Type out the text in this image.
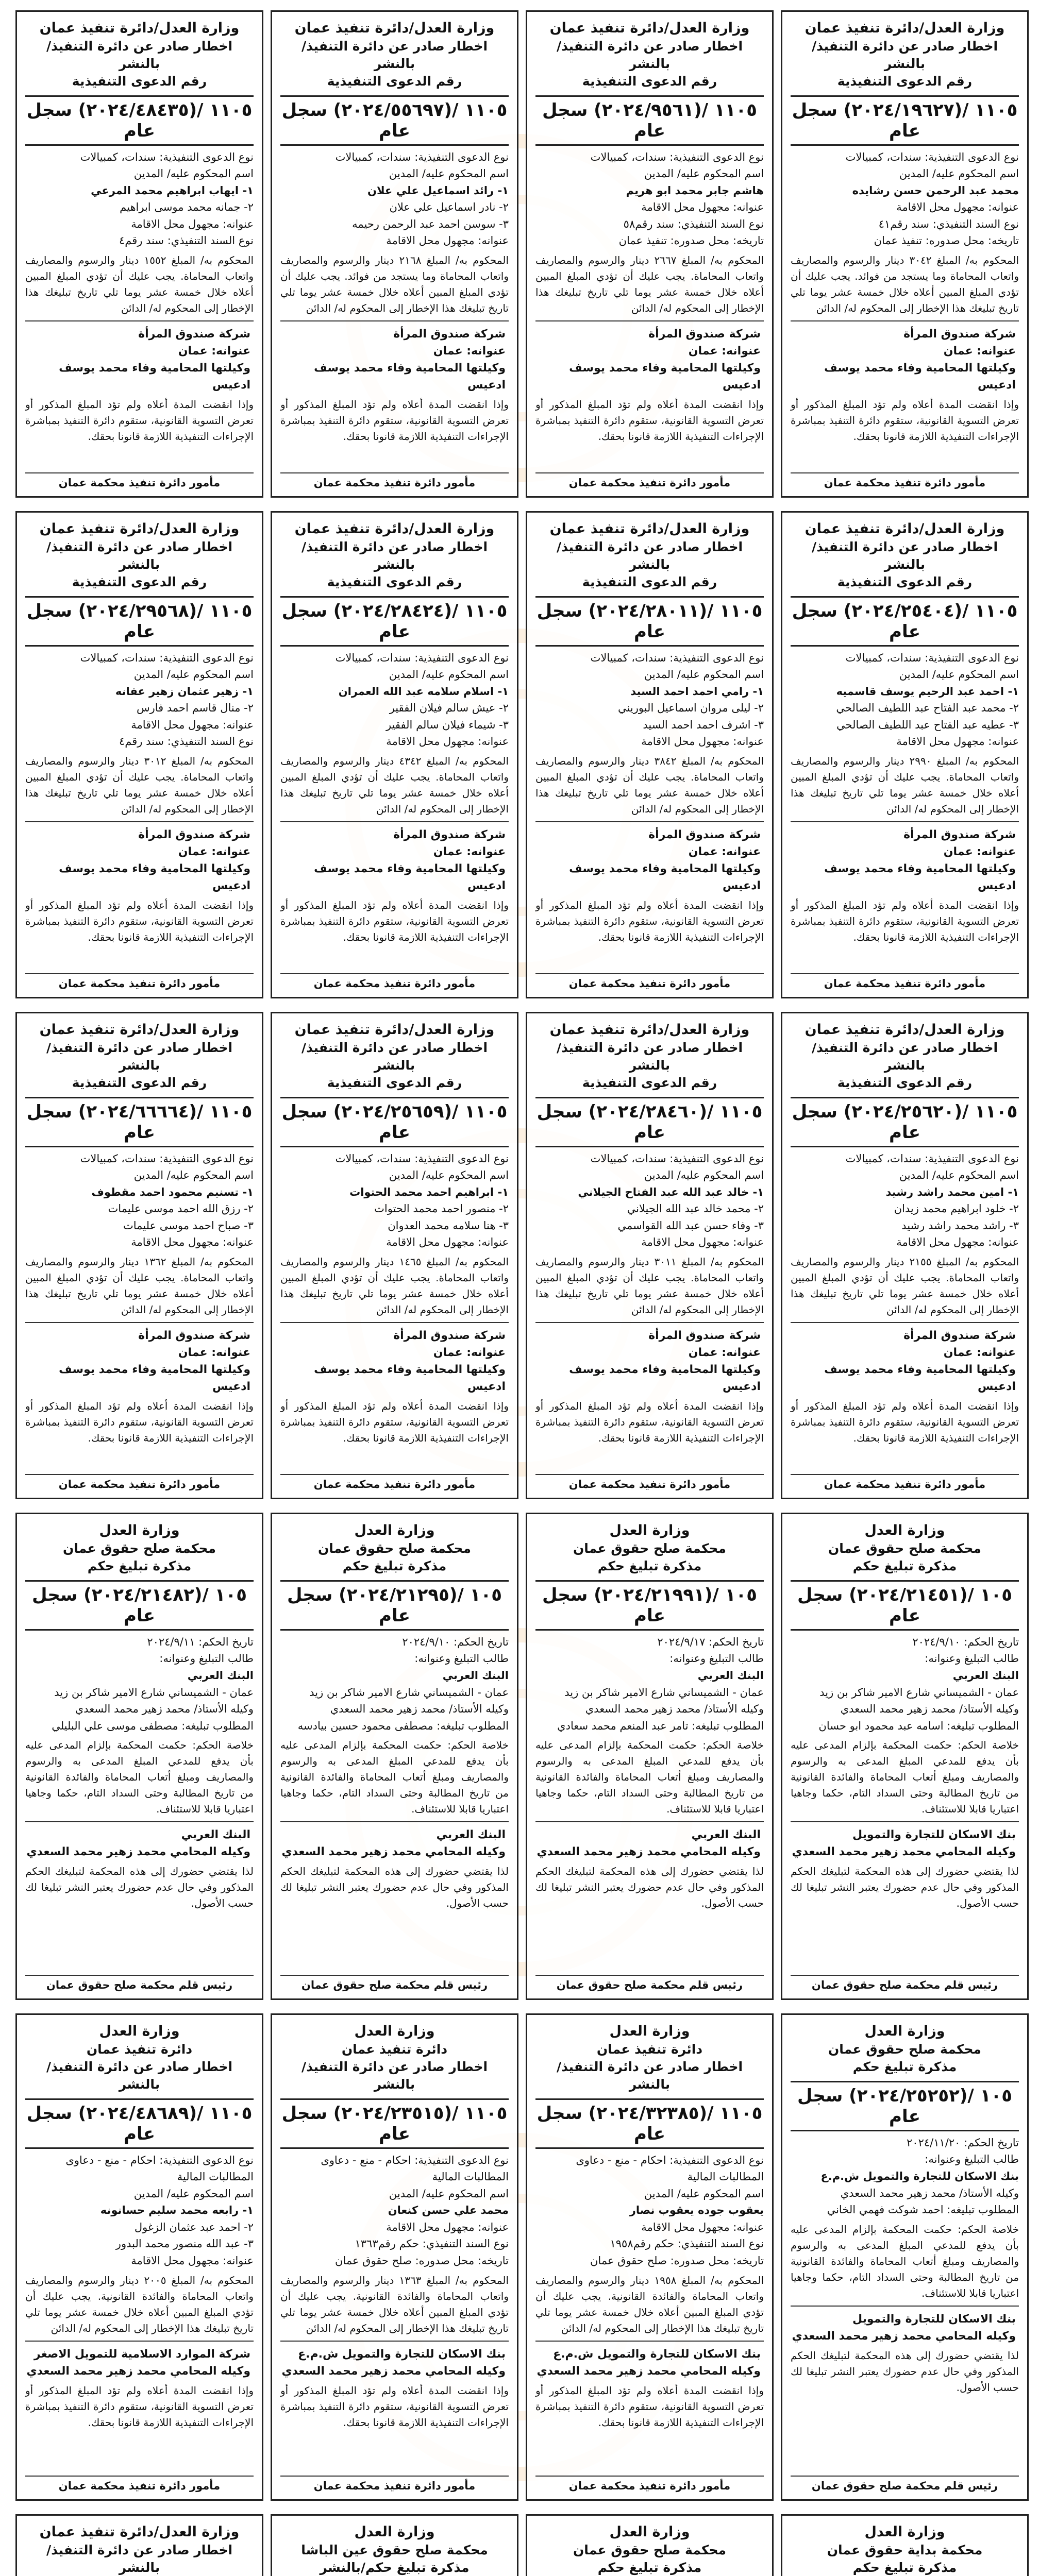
وزارة العدل/دائرة تنفيذ عمان
اخطار صادر عن دائرة التنفيذ/ بالنشر
رقم الدعوى التنفيذية
١١٠٥ /(٢٠٢٤/١٩٦٢٧) سجل عام
نوع الدعوى التنفيذية: سندات، كمبيالات
اسم المحكوم عليه/ المدين
محمد عبد الرحمن حسن رشايده
عنوانه: مجهول محل الاقامة
نوع السند التنفيذي: سند رقم٤١
تاريخه: محل صدوره: تنفيذ عمان
المحكوم به/ المبلغ ٣٠٤٢ دينار والرسوم والمصاريف واتعاب المحاماة وما يستجد من فوائد. يجب عليك أن تؤدي المبلغ المبين أعلاه خلال خمسة عشر يوما تلي تاريخ تبليغك هذا الإخطار إلى المحكوم له/ الدائن
شركة صندوق المرأة
عنوانه: عمان
وكيلتها المحامية وفاء محمد يوسف ادعيس
وإذا انقضت المدة أعلاه ولم تؤد المبلغ المذكور أو تعرض التسوية القانونية، ستقوم دائرة التنفيذ بمباشرة الإجراءات التنفيذية اللازمة قانونا بحقك.
مأمور دائرة تنفيذ محكمة عمان
وزارة العدل/دائرة تنفيذ عمان
اخطار صادر عن دائرة التنفيذ/ بالنشر
رقم الدعوى التنفيذية
١١٠٥ /(٢٠٢٤/٩٥٦١) سجل عام
نوع الدعوى التنفيذية: سندات، كمبيالات
اسم المحكوم عليه/ المدين
هاشم جابر محمد ابو هريم
عنوانه: مجهول محل الاقامة
نوع السند التنفيذي: سند رقم٥٨
تاريخه: محل صدوره: تنفيذ عمان
المحكوم به/ المبلغ ٢٦٦٧ دينار والرسوم والمصاريف واتعاب المحاماة. يجب عليك أن تؤدي المبلغ المبين أعلاه خلال خمسة عشر يوما تلي تاريخ تبليغك هذا الإخطار إلى المحكوم له/ الدائن
شركة صندوق المرأة
عنوانه: عمان
وكيلتها المحامية وفاء محمد يوسف ادعيس
وإذا انقضت المدة أعلاه ولم تؤد المبلغ المذكور أو تعرض التسوية القانونية، ستقوم دائرة التنفيذ بمباشرة الإجراءات التنفيذية اللازمة قانونا بحقك.
مأمور دائرة تنفيذ محكمة عمان
وزارة العدل/دائرة تنفيذ عمان
اخطار صادر عن دائرة التنفيذ/ بالنشر
رقم الدعوى التنفيذية
١١٠٥ /(٢٠٢٤/٥٥٦٩٧) سجل عام
نوع الدعوى التنفيذية: سندات، كمبيالات
اسم المحكوم عليه/ المدين
١- رائد اسماعيل علي علان
٢- نادر اسماعيل علي علان
٣- سوسن احمد عبد الرحمن رحيمه
عنوانه: مجهول محل الاقامة
المحكوم به/ المبلغ ٢١٦٨ دينار والرسوم والمصاريف واتعاب المحاماة وما يستجد من فوائد. يجب عليك أن تؤدي المبلغ المبين أعلاه خلال خمسة عشر يوما تلي تاريخ تبليغك هذا الإخطار إلى المحكوم له/ الدائن
شركة صندوق المرأة
عنوانه: عمان
وكيلتها المحامية وفاء محمد يوسف ادعيس
وإذا انقضت المدة أعلاه ولم تؤد المبلغ المذكور أو تعرض التسوية القانونية، ستقوم دائرة التنفيذ بمباشرة الإجراءات التنفيذية اللازمة قانونا بحقك.
مأمور دائرة تنفيذ محكمة عمان
وزارة العدل/دائرة تنفيذ عمان
اخطار صادر عن دائرة التنفيذ/ بالنشر
رقم الدعوى التنفيذية
١١٠٥ /(٢٠٢٤/٤٨٤٣٥) سجل عام
نوع الدعوى التنفيذية: سندات، كمبيالات
اسم المحكوم عليه/ المدين
١- ايهاب ابراهيم محمد المرعي
٢- جمانه محمد موسى ابراهيم
عنوانه: مجهول محل الاقامة
نوع السند التنفيذي: سند رقم٤
المحكوم به/ المبلغ ١٥٥٢ دينار والرسوم والمصاريف واتعاب المحاماة. يجب عليك أن تؤدي المبلغ المبين أعلاه خلال خمسة عشر يوما تلي تاريخ تبليغك هذا الإخطار إلى المحكوم له/ الدائن
شركة صندوق المرأة
عنوانه: عمان
وكيلتها المحامية وفاء محمد يوسف ادعيس
وإذا انقضت المدة أعلاه ولم تؤد المبلغ المذكور أو تعرض التسوية القانونية، ستقوم دائرة التنفيذ بمباشرة الإجراءات التنفيذية اللازمة قانونا بحقك.
مأمور دائرة تنفيذ محكمة عمان
وزارة العدل/دائرة تنفيذ عمان
اخطار صادر عن دائرة التنفيذ/ بالنشر
رقم الدعوى التنفيذية
١١٠٥ /(٢٠٢٤/٢٥٤٠٤) سجل عام
نوع الدعوى التنفيذية: سندات، كمبيالات
اسم المحكوم عليه/ المدين
١- احمد عبد الرحيم يوسف قاسميه
٢- محمد عبد الفتاح عبد اللطيف الصالحي
٣- عطيه عبد الفتاح عبد اللطيف الصالحي
عنوانه: مجهول محل الاقامة
المحكوم به/ المبلغ ٢٩٩٠ دينار والرسوم والمصاريف واتعاب المحاماة. يجب عليك أن تؤدي المبلغ المبين أعلاه خلال خمسة عشر يوما تلي تاريخ تبليغك هذا الإخطار إلى المحكوم له/ الدائن
شركة صندوق المرأة
عنوانه: عمان
وكيلتها المحامية وفاء محمد يوسف ادعيس
وإذا انقضت المدة أعلاه ولم تؤد المبلغ المذكور أو تعرض التسوية القانونية، ستقوم دائرة التنفيذ بمباشرة الإجراءات التنفيذية اللازمة قانونا بحقك.
مأمور دائرة تنفيذ محكمة عمان
وزارة العدل/دائرة تنفيذ عمان
اخطار صادر عن دائرة التنفيذ/ بالنشر
رقم الدعوى التنفيذية
١١٠٥ /(٢٠٢٤/٢٨٠١١) سجل عام
نوع الدعوى التنفيذية: سندات، كمبيالات
اسم المحكوم عليه/ المدين
١- رامي احمد احمد السيد
٢- ليلى مروان اسماعيل البوريني
٣- اشرف احمد احمد السيد
عنوانه: مجهول محل الاقامة
المحكوم به/ المبلغ ٣٨٤٢ دينار والرسوم والمصاريف واتعاب المحاماة. يجب عليك أن تؤدي المبلغ المبين أعلاه خلال خمسة عشر يوما تلي تاريخ تبليغك هذا الإخطار إلى المحكوم له/ الدائن
شركة صندوق المرأة
عنوانه: عمان
وكيلتها المحامية وفاء محمد يوسف ادعيس
وإذا انقضت المدة أعلاه ولم تؤد المبلغ المذكور أو تعرض التسوية القانونية، ستقوم دائرة التنفيذ بمباشرة الإجراءات التنفيذية اللازمة قانونا بحقك.
مأمور دائرة تنفيذ محكمة عمان
وزارة العدل/دائرة تنفيذ عمان
اخطار صادر عن دائرة التنفيذ/ بالنشر
رقم الدعوى التنفيذية
١١٠٥ /(٢٠٢٤/٢٨٤٢٤) سجل عام
نوع الدعوى التنفيذية: سندات، كمبيالات
اسم المحكوم عليه/ المدين
١- اسلام سلامه عبد الله العمران
٢- عيش سالم فيلان الفقير
٣- شيماء فيلان سالم الفقير
عنوانه: مجهول محل الاقامة
المحكوم به/ المبلغ ٤٣٤٢ دينار والرسوم والمصاريف واتعاب المحاماة. يجب عليك أن تؤدي المبلغ المبين أعلاه خلال خمسة عشر يوما تلي تاريخ تبليغك هذا الإخطار إلى المحكوم له/ الدائن
شركة صندوق المرأة
عنوانه: عمان
وكيلتها المحامية وفاء محمد يوسف ادعيس
وإذا انقضت المدة أعلاه ولم تؤد المبلغ المذكور أو تعرض التسوية القانونية، ستقوم دائرة التنفيذ بمباشرة الإجراءات التنفيذية اللازمة قانونا بحقك.
مأمور دائرة تنفيذ محكمة عمان
وزارة العدل/دائرة تنفيذ عمان
اخطار صادر عن دائرة التنفيذ/ بالنشر
رقم الدعوى التنفيذية
١١٠٥ /(٢٠٢٤/٢٩٥٦٨) سجل عام
نوع الدعوى التنفيذية: سندات، كمبيالات
اسم المحكوم عليه/ المدين
١- زهير عثمان زهير عفانه
٢- منال قاسم احمد فارس
عنوانه: مجهول محل الاقامة
نوع السند التنفيذي: سند رقم٤
المحكوم به/ المبلغ ٣٠١٢ دينار والرسوم والمصاريف واتعاب المحاماة. يجب عليك أن تؤدي المبلغ المبين أعلاه خلال خمسة عشر يوما تلي تاريخ تبليغك هذا الإخطار إلى المحكوم له/ الدائن
شركة صندوق المرأة
عنوانه: عمان
وكيلتها المحامية وفاء محمد يوسف ادعيس
وإذا انقضت المدة أعلاه ولم تؤد المبلغ المذكور أو تعرض التسوية القانونية، ستقوم دائرة التنفيذ بمباشرة الإجراءات التنفيذية اللازمة قانونا بحقك.
مأمور دائرة تنفيذ محكمة عمان
وزارة العدل/دائرة تنفيذ عمان
اخطار صادر عن دائرة التنفيذ/ بالنشر
رقم الدعوى التنفيذية
١١٠٥ /(٢٠٢٤/٢٥٦٢٠) سجل عام
نوع الدعوى التنفيذية: سندات، كمبيالات
اسم المحكوم عليه/ المدين
١- امين محمد راشد رشيد
٢- خلود ابراهيم محمد زيدان
٣- راشد محمد راشد رشيد
عنوانه: مجهول محل الاقامة
المحكوم به/ المبلغ ٢١٥٥ دينار والرسوم والمصاريف واتعاب المحاماة. يجب عليك أن تؤدي المبلغ المبين أعلاه خلال خمسة عشر يوما تلي تاريخ تبليغك هذا الإخطار إلى المحكوم له/ الدائن
شركة صندوق المرأة
عنوانه: عمان
وكيلتها المحامية وفاء محمد يوسف ادعيس
وإذا انقضت المدة أعلاه ولم تؤد المبلغ المذكور أو تعرض التسوية القانونية، ستقوم دائرة التنفيذ بمباشرة الإجراءات التنفيذية اللازمة قانونا بحقك.
مأمور دائرة تنفيذ محكمة عمان
وزارة العدل/دائرة تنفيذ عمان
اخطار صادر عن دائرة التنفيذ/ بالنشر
رقم الدعوى التنفيذية
١١٠٥ /(٢٠٢٤/٢٨٤٦٠) سجل عام
نوع الدعوى التنفيذية: سندات، كمبيالات
اسم المحكوم عليه/ المدين
١- خالد عبد الله عبد الفتاح الجيلاني
٢- محمد خالد عبد الله الجيلاني
٣- وفاء حسن عبد الله القواسمي
عنوانه: مجهول محل الاقامة
المحكوم به/ المبلغ ٣٠١١ دينار والرسوم والمصاريف واتعاب المحاماة. يجب عليك أن تؤدي المبلغ المبين أعلاه خلال خمسة عشر يوما تلي تاريخ تبليغك هذا الإخطار إلى المحكوم له/ الدائن
شركة صندوق المرأة
عنوانه: عمان
وكيلتها المحامية وفاء محمد يوسف ادعيس
وإذا انقضت المدة أعلاه ولم تؤد المبلغ المذكور أو تعرض التسوية القانونية، ستقوم دائرة التنفيذ بمباشرة الإجراءات التنفيذية اللازمة قانونا بحقك.
مأمور دائرة تنفيذ محكمة عمان
وزارة العدل/دائرة تنفيذ عمان
اخطار صادر عن دائرة التنفيذ/ بالنشر
رقم الدعوى التنفيذية
١١٠٥ /(٢٠٢٤/٢٥٦٥٩) سجل عام
نوع الدعوى التنفيذية: سندات، كمبيالات
اسم المحكوم عليه/ المدين
١- ابراهيم احمد محمد الحتوات
٢- منصور احمد محمد الحتوات
٣- هنا سلامه محمد العدوان
عنوانه: مجهول محل الاقامة
المحكوم به/ المبلغ ١٤٦٥ دينار والرسوم والمصاريف واتعاب المحاماة. يجب عليك أن تؤدي المبلغ المبين أعلاه خلال خمسة عشر يوما تلي تاريخ تبليغك هذا الإخطار إلى المحكوم له/ الدائن
شركة صندوق المرأة
عنوانه: عمان
وكيلتها المحامية وفاء محمد يوسف ادعيس
وإذا انقضت المدة أعلاه ولم تؤد المبلغ المذكور أو تعرض التسوية القانونية، ستقوم دائرة التنفيذ بمباشرة الإجراءات التنفيذية اللازمة قانونا بحقك.
مأمور دائرة تنفيذ محكمة عمان
وزارة العدل/دائرة تنفيذ عمان
اخطار صادر عن دائرة التنفيذ/ بالنشر
رقم الدعوى التنفيذية
١١٠٥ /(٢٠٢٤/٦٦٦٦٤) سجل عام
نوع الدعوى التنفيذية: سندات، كمبيالات
اسم المحكوم عليه/ المدين
١- تسنيم محمود احمد مقطوف
٢- رزق الله احمد موسى عليمات
٣- صباح احمد موسى عليمات
عنوانه: مجهول محل الاقامة
المحكوم به/ المبلغ ١٣٦٢ دينار والرسوم والمصاريف واتعاب المحاماة. يجب عليك أن تؤدي المبلغ المبين أعلاه خلال خمسة عشر يوما تلي تاريخ تبليغك هذا الإخطار إلى المحكوم له/ الدائن
شركة صندوق المرأة
عنوانه: عمان
وكيلتها المحامية وفاء محمد يوسف ادعيس
وإذا انقضت المدة أعلاه ولم تؤد المبلغ المذكور أو تعرض التسوية القانونية، ستقوم دائرة التنفيذ بمباشرة الإجراءات التنفيذية اللازمة قانونا بحقك.
مأمور دائرة تنفيذ محكمة عمان
وزارة العدل
محكمة صلح حقوق عمان
مذكرة تبليغ حكم
١٠٥ /(٢٠٢٤/٢١٤٥١) سجل عام
تاريخ الحكم: ٢٠٢٤/٩/١٠
طالب التبليغ وعنوانه:
البنك العربي
عمان - الشميساني شارع الامير شاكر بن زيد
وكيله الأستاذ/ محمد زهير محمد السعدي
المطلوب تبليغه: اسامه عبد محمود ابو حسان
خلاصة الحكم: حكمت المحكمة بإلزام المدعى عليه بأن يدفع للمدعي المبلغ المدعى به والرسوم والمصاريف ومبلغ أتعاب المحاماة والفائدة القانونية من تاريخ المطالبة وحتى السداد التام، حكما وجاهيا اعتباريا قابلا للاستئناف.
بنك الاسكان للتجارة والتمويل
وكيله المحامي محمد زهير محمد السعدي
لذا يقتضي حضورك إلى هذه المحكمة لتبليغك الحكم المذكور وفي حال عدم حضورك يعتبر النشر تبليغا لك حسب الأصول.
رئيس قلم محكمة صلح حقوق عمان
وزارة العدل
محكمة صلح حقوق عمان
مذكرة تبليغ حكم
١٠٥ /(٢٠٢٤/٢١٩٩١) سجل عام
تاريخ الحكم: ٢٠٢٤/٩/١٧
طالب التبليغ وعنوانه:
البنك العربي
عمان - الشميساني شارع الامير شاكر بن زيد
وكيله الأستاذ/ محمد زهير محمد السعدي
المطلوب تبليغه: تامر عبد المنعم محمد سعادي
خلاصة الحكم: حكمت المحكمة بإلزام المدعى عليه بأن يدفع للمدعي المبلغ المدعى به والرسوم والمصاريف ومبلغ أتعاب المحاماة والفائدة القانونية من تاريخ المطالبة وحتى السداد التام، حكما وجاهيا اعتباريا قابلا للاستئناف.
البنك العربي
وكيله المحامي محمد زهير محمد السعدي
لذا يقتضي حضورك إلى هذه المحكمة لتبليغك الحكم المذكور وفي حال عدم حضورك يعتبر النشر تبليغا لك حسب الأصول.
رئيس قلم محكمة صلح حقوق عمان
وزارة العدل
محكمة صلح حقوق عمان
مذكرة تبليغ حكم
١٠٥ /(٢٠٢٤/٢١٢٩٥) سجل عام
تاريخ الحكم: ٢٠٢٤/٩/١٠
طالب التبليغ وعنوانه:
البنك العربي
عمان - الشميساني شارع الامير شاكر بن زيد
وكيله الأستاذ/ محمد زهير محمد السعدي
المطلوب تبليغه: مصطفى محمود حسين بيادسه
خلاصة الحكم: حكمت المحكمة بإلزام المدعى عليه بأن يدفع للمدعي المبلغ المدعى به والرسوم والمصاريف ومبلغ أتعاب المحاماة والفائدة القانونية من تاريخ المطالبة وحتى السداد التام، حكما وجاهيا اعتباريا قابلا للاستئناف.
البنك العربي
وكيله المحامي محمد زهير محمد السعدي
لذا يقتضي حضورك إلى هذه المحكمة لتبليغك الحكم المذكور وفي حال عدم حضورك يعتبر النشر تبليغا لك حسب الأصول.
رئيس قلم محكمة صلح حقوق عمان
وزارة العدل
محكمة صلح حقوق عمان
مذكرة تبليغ حكم
١٠٥ /(٢٠٢٤/٢١٤٨٢) سجل عام
تاريخ الحكم: ٢٠٢٤/٩/١١
طالب التبليغ وعنوانه:
البنك العربي
عمان - الشميساني شارع الامير شاكر بن زيد
وكيله الأستاذ/ محمد زهير محمد السعدي
المطلوب تبليغه: مصطفى موسى علي البليلي
خلاصة الحكم: حكمت المحكمة بإلزام المدعى عليه بأن يدفع للمدعي المبلغ المدعى به والرسوم والمصاريف ومبلغ أتعاب المحاماة والفائدة القانونية من تاريخ المطالبة وحتى السداد التام، حكما وجاهيا اعتباريا قابلا للاستئناف.
البنك العربي
وكيله المحامي محمد زهير محمد السعدي
لذا يقتضي حضورك إلى هذه المحكمة لتبليغك الحكم المذكور وفي حال عدم حضورك يعتبر النشر تبليغا لك حسب الأصول.
رئيس قلم محكمة صلح حقوق عمان
وزارة العدل
محكمة صلح حقوق عمان
مذكرة تبليغ حكم
١٠٥ /(٢٠٢٤/٢٥٢٥٢) سجل عام
تاريخ الحكم: ٢٠٢٤/١١/٢٠
طالب التبليغ وعنوانه:
بنك الاسكان للتجارة والتمويل ش.م.ع
وكيله الأستاذ/ محمد زهير محمد السعدي
المطلوب تبليغه: احمد شوكت فهمي الخاني
خلاصة الحكم: حكمت المحكمة بإلزام المدعى عليه بأن يدفع للمدعي المبلغ المدعى به والرسوم والمصاريف ومبلغ أتعاب المحاماة والفائدة القانونية من تاريخ المطالبة وحتى السداد التام، حكما وجاهيا اعتباريا قابلا للاستئناف.
بنك الاسكان للتجارة والتمويل
وكيله المحامي محمد زهير محمد السعدي
لذا يقتضي حضورك إلى هذه المحكمة لتبليغك الحكم المذكور وفي حال عدم حضورك يعتبر النشر تبليغا لك حسب الأصول.
رئيس قلم محكمة صلح حقوق عمان
وزارة العدل
دائرة تنفيذ عمان
اخطار صادر عن دائرة التنفيذ/ بالنشر
١١٠٥ /(٢٠٢٤/٣٢٣٨٥) سجل عام
نوع الدعوى التنفيذية: احكام - منع - دعاوى المطالبات المالية
اسم المحكوم عليه/ المدين
يعقوب جوده يعقوب نصار
عنوانه: مجهول محل الاقامة
نوع السند التنفيذي: حكم رقم١٩٥٨
تاريخه: محل صدوره: صلح حقوق عمان
المحكوم به/ المبلغ ١٩٥٨ دينار والرسوم والمصاريف واتعاب المحاماة والفائدة القانونية. يجب عليك أن تؤدي المبلغ المبين أعلاه خلال خمسة عشر يوما تلي تاريخ تبليغك هذا الإخطار إلى المحكوم له/ الدائن
بنك الاسكان للتجارة والتمويل ش.م.ع
وكيله المحامي محمد زهير محمد السعدي
وإذا انقضت المدة أعلاه ولم تؤد المبلغ المذكور أو تعرض التسوية القانونية، ستقوم دائرة التنفيذ بمباشرة الإجراءات التنفيذية اللازمة قانونا بحقك.
مأمور دائرة تنفيذ محكمة عمان
وزارة العدل
دائرة تنفيذ عمان
اخطار صادر عن دائرة التنفيذ/ بالنشر
١١٠٥ /(٢٠٢٤/٢٣٥١٥) سجل عام
نوع الدعوى التنفيذية: احكام - منع - دعاوى المطالبات المالية
اسم المحكوم عليه/ المدين
محمد علي حسن كنعان
عنوانه: مجهول محل الاقامة
نوع السند التنفيذي: حكم رقم١٣٦٣
تاريخه: محل صدوره: صلح حقوق عمان
المحكوم به/ المبلغ ١٣٦٣ دينار والرسوم والمصاريف واتعاب المحاماة والفائدة القانونية. يجب عليك أن تؤدي المبلغ المبين أعلاه خلال خمسة عشر يوما تلي تاريخ تبليغك هذا الإخطار إلى المحكوم له/ الدائن
بنك الاسكان للتجارة والتمويل ش.م.ع
وكيله المحامي محمد زهير محمد السعدي
وإذا انقضت المدة أعلاه ولم تؤد المبلغ المذكور أو تعرض التسوية القانونية، ستقوم دائرة التنفيذ بمباشرة الإجراءات التنفيذية اللازمة قانونا بحقك.
مأمور دائرة تنفيذ محكمة عمان
وزارة العدل
دائرة تنفيذ عمان
اخطار صادر عن دائرة التنفيذ/ بالنشر
١١٠٥ /(٢٠٢٤/٤٨٦٨٩) سجل عام
نوع الدعوى التنفيذية: احكام - منع - دعاوى المطالبات المالية
اسم المحكوم عليه/ المدين
١- رابعه محمد سليم حسانونه
٢- احمد عبد عثمان الزغول
٣- عبد الله منصور محمد البدور
عنوانه: مجهول محل الاقامة
المحكوم به/ المبلغ ٢٠٠٥ دينار والرسوم والمصاريف واتعاب المحاماة والفائدة القانونية. يجب عليك أن تؤدي المبلغ المبين أعلاه خلال خمسة عشر يوما تلي تاريخ تبليغك هذا الإخطار إلى المحكوم له/ الدائن
شركة الموارد الاسلامية للتمويل الاصغر
وكيله المحامي محمد زهير محمد السعدي
وإذا انقضت المدة أعلاه ولم تؤد المبلغ المذكور أو تعرض التسوية القانونية، ستقوم دائرة التنفيذ بمباشرة الإجراءات التنفيذية اللازمة قانونا بحقك.
مأمور دائرة تنفيذ محكمة عمان
وزارة العدل
محكمة بداية حقوق عمان
مذكرة تبليغ حكم
وزارة العدل
محكمة صلح حقوق عمان
مذكرة تبليغ حكم
وزارة العدل
محكمة صلح حقوق عين الباشا
مذكرة تبليغ حكم/بالنشر
وزارة العدل/دائرة تنفيذ عمان
اخطار صادر عن دائرة التنفيذ/ بالنشر
